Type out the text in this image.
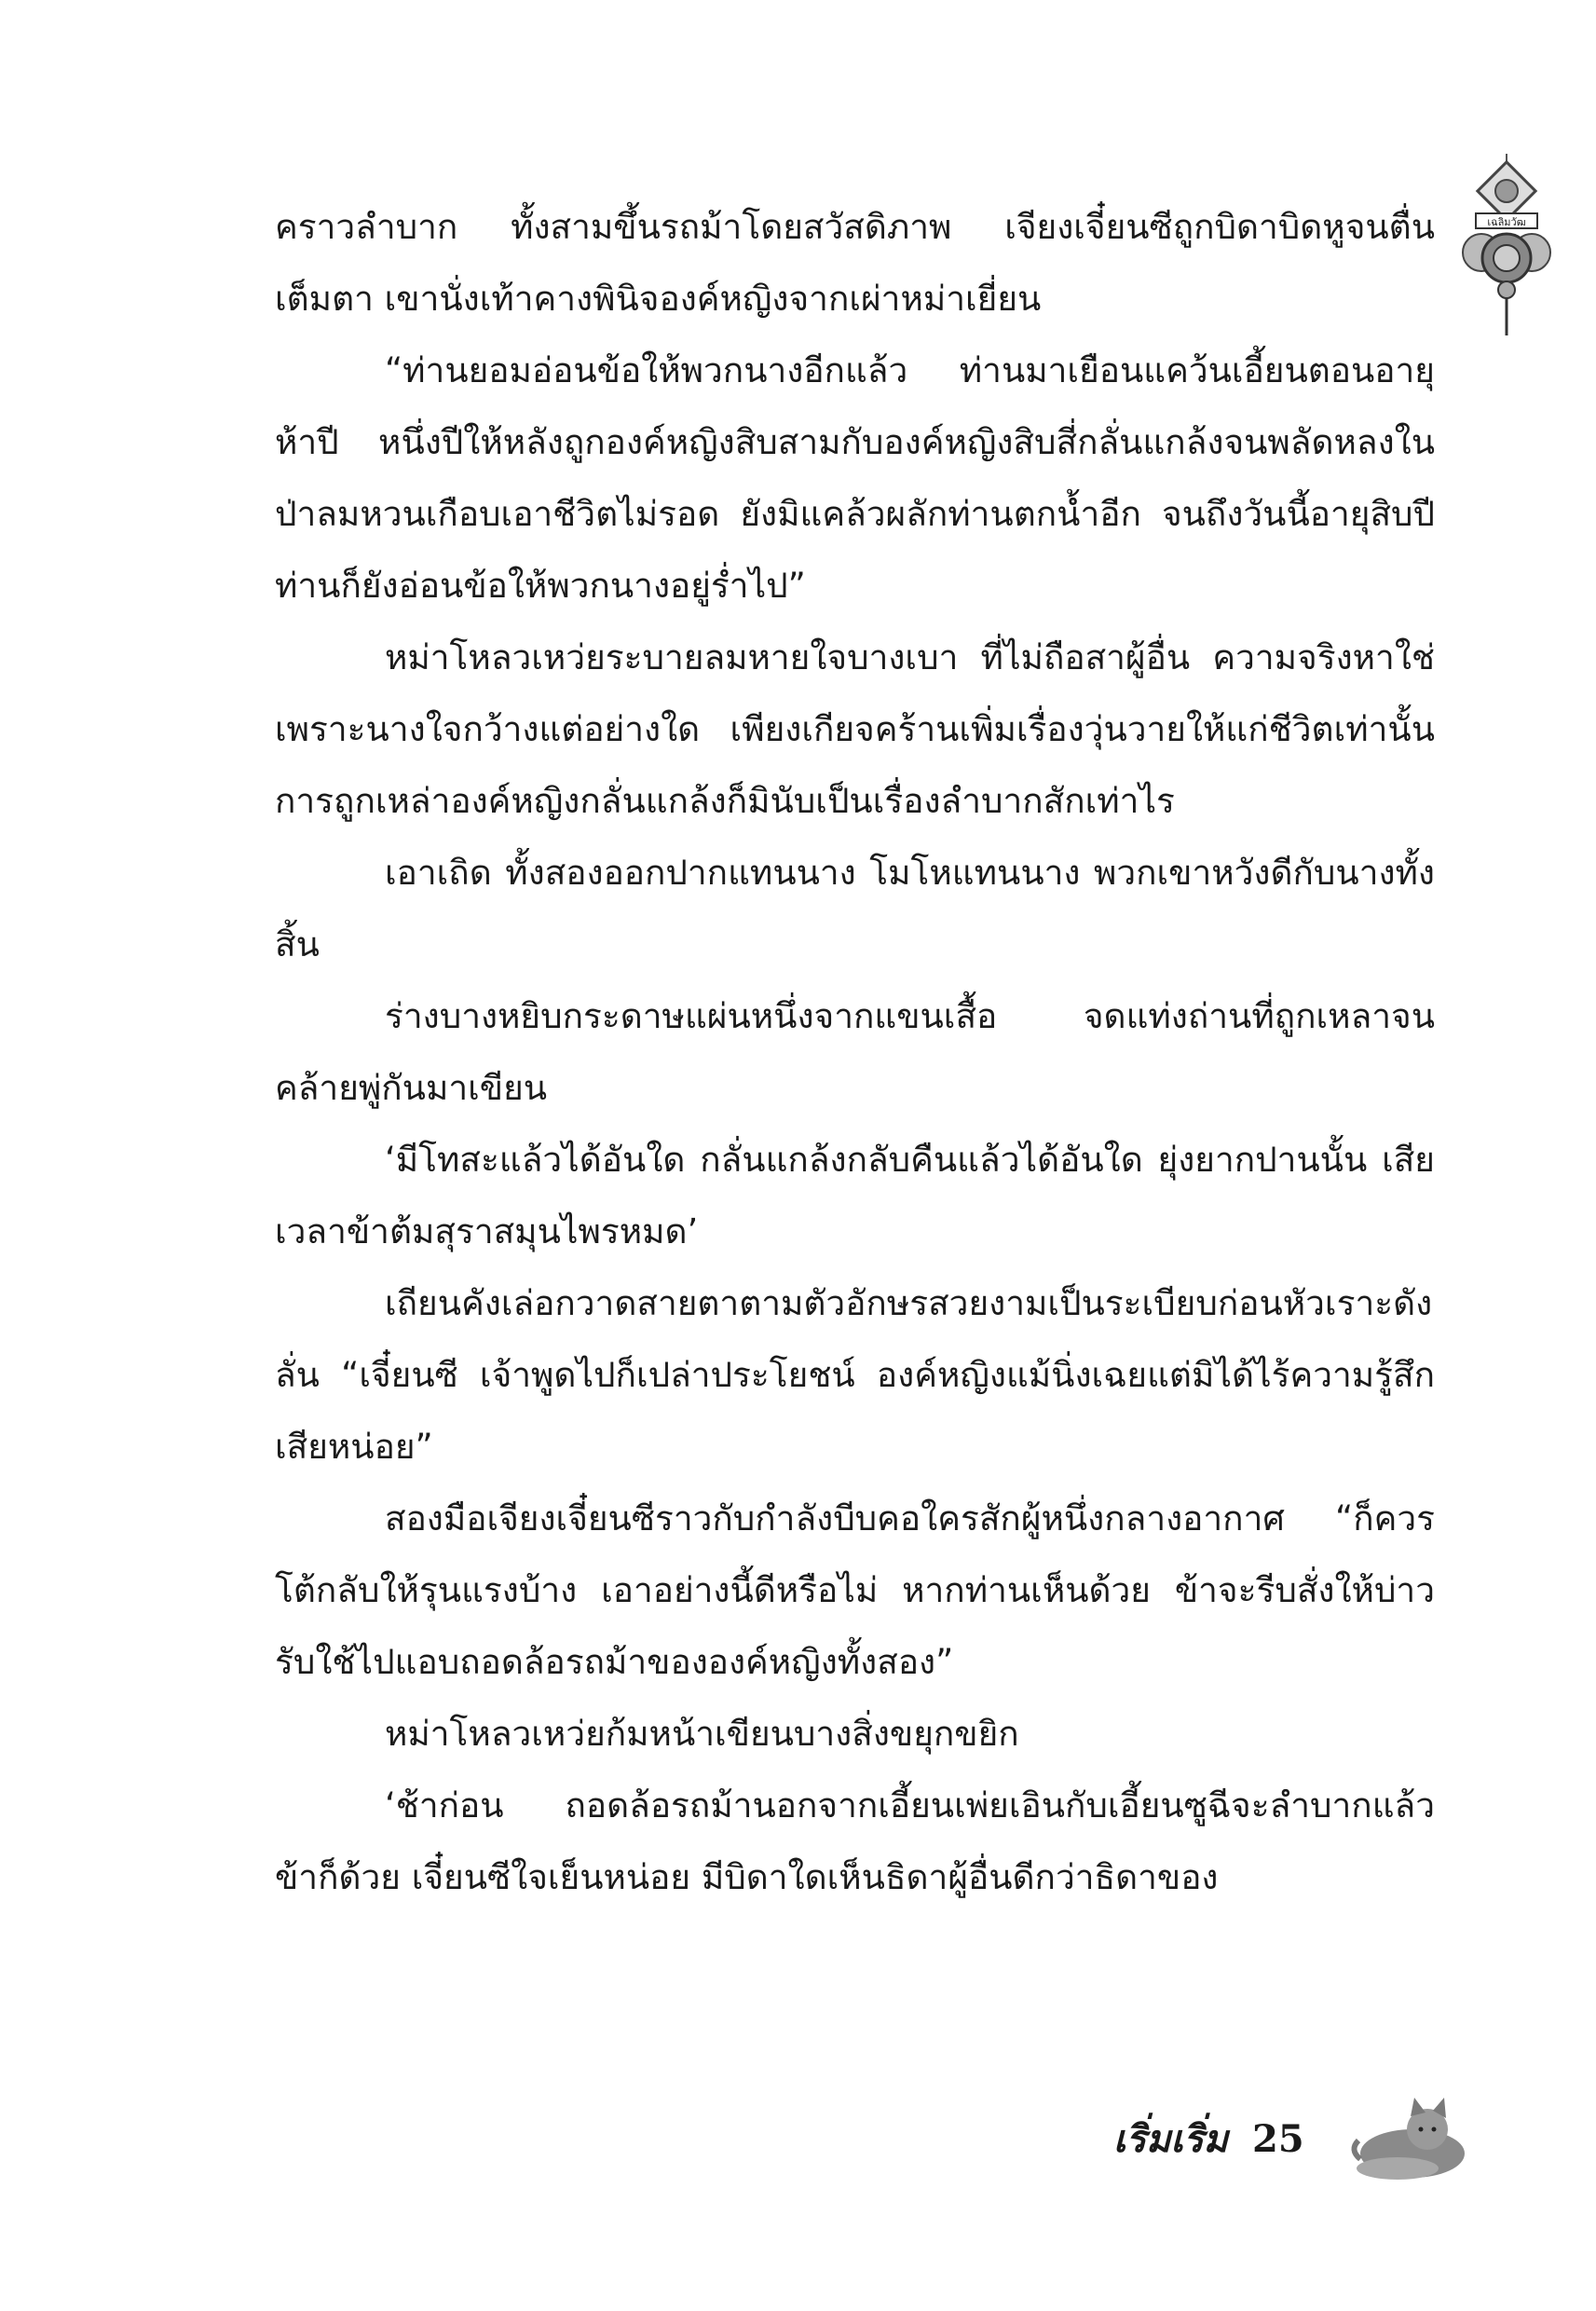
เฉลิมวัฒ

คราวลำบาก ทั้งสามขึ้นรถม้าโดยสวัสดิภาพ เจียงเจี๋ยนซีถูกบิดาบิดหูจนตื่นเต็มตา เขานั่งเท้าคางพินิจองค์หญิงจากเผ่าหม่าเยี่ยน

“ท่านยอมอ่อนข้อให้พวกนางอีกแล้ว ท่านมาเยือนแคว้นเอี้ยนตอนอายุห้าปี หนึ่งปีให้หลังถูกองค์หญิงสิบสามกับองค์หญิงสิบสี่กลั่นแกล้งจนพลัดหลงในป่าลมหวนเกือบเอาชีวิตไม่รอด ยังมิแคล้วผลักท่านตกน้ำอีก จนถึงวันนี้อายุสิบปี ท่านก็ยังอ่อนข้อให้พวกนางอยู่ร่ำไป”

หม่าโหลวเหว่ยระบายลมหายใจบางเบา ที่ไม่ถือสาผู้อื่น ความจริงหาใช่เพราะนางใจกว้างแต่อย่างใด เพียงเกียจคร้านเพิ่มเรื่องวุ่นวายให้แก่ชีวิตเท่านั้น การถูกเหล่าองค์หญิงกลั่นแกล้งก็มินับเป็นเรื่องลำบากสักเท่าไร

เอาเถิด ทั้งสองออกปากแทนนาง โมโหแทนนาง พวกเขาหวังดีกับนางทั้งสิ้น

ร่างบางหยิบกระดาษแผ่นหนึ่งจากแขนเสื้อ จดแท่งถ่านที่ถูกเหลาจนคล้ายพู่กันมาเขียน

‘มีโทสะแล้วได้อันใด กลั่นแกล้งกลับคืนแล้วได้อันใด ยุ่งยากปานนั้น เสียเวลาข้าต้มสุราสมุนไพรหมด’

เถียนคังเล่อกวาดสายตาตามตัวอักษรสวยงามเป็นระเบียบก่อนหัวเราะดังลั่น “เจี๋ยนซี เจ้าพูดไปก็เปล่าประโยชน์ องค์หญิงแม้นิ่งเฉยแต่มิได้ไร้ความรู้สึกเสียหน่อย”

สองมือเจียงเจี๋ยนซีราวกับกำลังบีบคอใครสักผู้หนึ่งกลางอากาศ “ก็ควรโต้กลับให้รุนแรงบ้าง เอาอย่างนี้ดีหรือไม่ หากท่านเห็นด้วย ข้าจะรีบสั่งให้บ่าวรับใช้ไปแอบถอดล้อรถม้าขององค์หญิงทั้งสอง”

หม่าโหลวเหว่ยก้มหน้าเขียนบางสิ่งขยุกขยิก

‘ช้าก่อน ถอดล้อรถม้านอกจากเอี้ยนเพ่ยเอินกับเอี้ยนซูฉีจะลำบากแล้ว ข้าก็ด้วย เจี๋ยนซีใจเย็นหน่อย มีบิดาใดเห็นธิดาผู้อื่นดีกว่าธิดาของ

เริ่มเริ่ม 25
